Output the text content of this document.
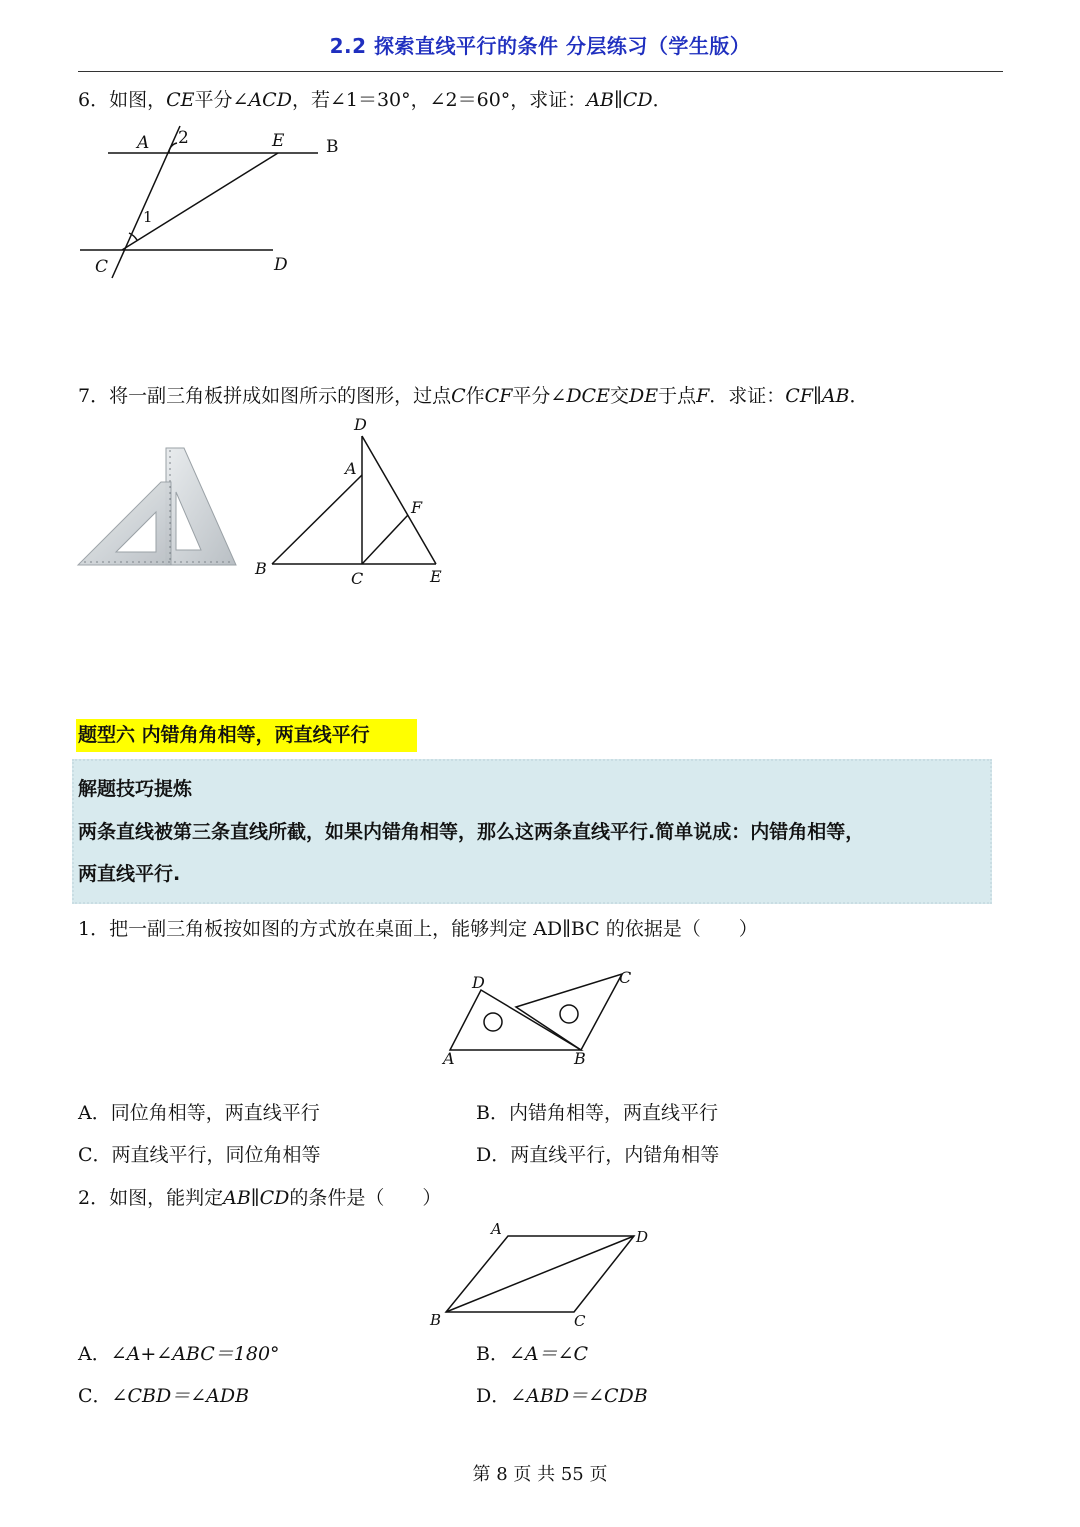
2.2 探索直线平行的条件 分层练习（学生版）
6．如图，CE平分∠ACD，若∠1＝30°，∠2＝60°，求证：AB∥CD．
A 2	E B
1
C	D
7．将一副三角板拼成如图所示的图形，过点C作CF平分∠DCE交DE于点F．求证：CF∥AB．
D
A
F
B
C	E
题型六 内错角角相等，两直线平行
解题技巧提炼
两条直线被第三条直线所截，如果内错角相等，那么这两条直线平行.简单说成：内错角相等，
两直线平行.
1．把一副三角板按如图的方式放在桌面上，能够判定 AD∥BC 的依据是（　　）
D	C
A	B
A．同位角相等，两直线平行	B．内错角相等，两直线平行
C．两直线平行，同位角相等	D．两直线平行，内错角相等
2．如图，能判定AB∥CD的条件是（　　）
A	D
B	C
A．∠A+∠ABC＝180°	B．∠A＝∠C
C．∠CBD＝∠ADB	D．∠ABD＝∠CDB
第 8 页 共 55 页
